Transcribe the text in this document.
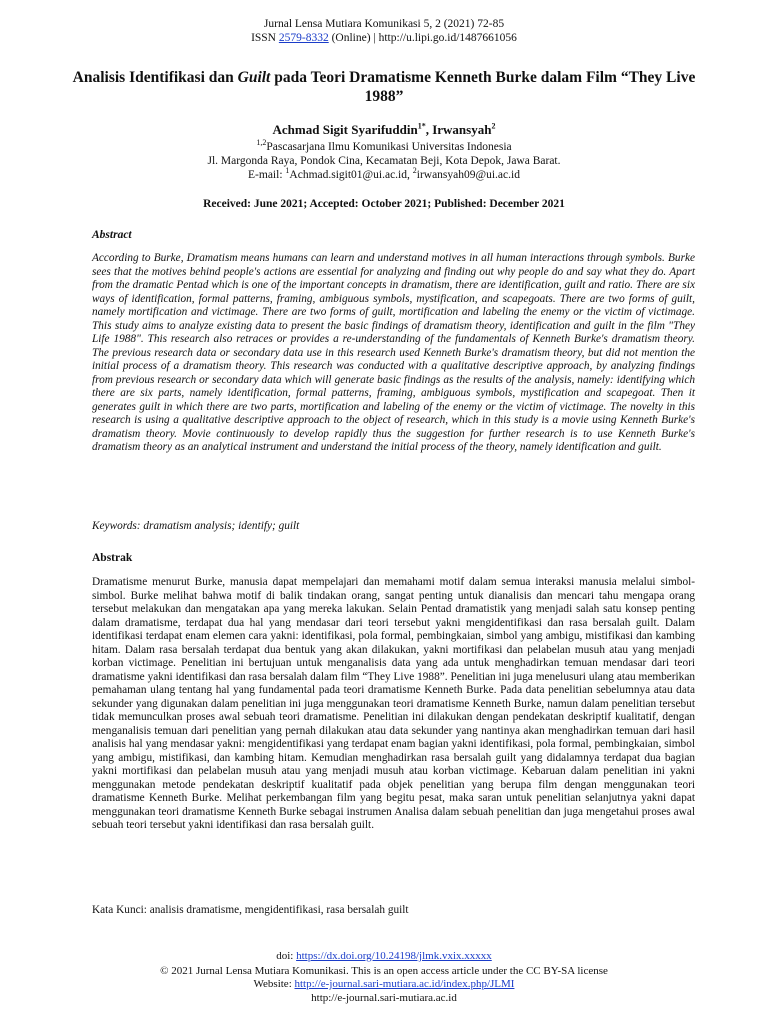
Jurnal Lensa Mutiara Komunikasi 5, 2 (2021) 72-85
ISSN 2579-8332 (Online) | http://u.lipi.go.id/1487661056
Analisis Identifikasi dan Guilt pada Teori Dramatisme Kenneth Burke dalam Film “They Live 1988”
Achmad Sigit Syarifuddin$^{1*}$, Irwansyah$^2$
$^{1,2}$Pascasarjana Ilmu Komunikasi Universitas Indonesia
Jl. Margonda Raya, Pondok Cina, Kecamatan Beji, Kota Depok, Jawa Barat.
E-mail: $^1$Achmad.sigit01@ui.ac.id, $^2$irwansyah09@ui.ac.id
Received: June 2021; Accepted: October 2021; Published: December 2021
Abstract
According to Burke, Dramatism means humans can learn and understand motives in all human interactions through symbols. Burke sees that the motives behind people's actions are essential for analyzing and finding out why people do and say what they do. Apart from the dramatic Pentad which is one of the important concepts in dramatism, there are identification, guilt and ratio. There are six ways of identification, formal patterns, framing, ambiguous symbols, mystification, and scapegoats. There are two forms of guilt, namely mortification and victimage. There are two forms of guilt, mortification and labeling the enemy or the victim of victimage. This study aims to analyze existing data to present the basic findings of dramatism theory, identification and guilt in the film "They Life 1988". This research also retraces or provides a re-understanding of the fundamentals of Kenneth Burke's dramatism theory. The previous research data or secondary data use in this research used Kenneth Burke's dramatism theory, but did not mention the initial process of a dramatism theory. This research was conducted with a qualitative descriptive approach, by analyzing findings from previous research or secondary data which will generate basic findings as the results of the analysis, namely: identifying which there are six parts, namely identification, formal patterns, framing, ambiguous symbols, mystification and scapegoat. Then it generates guilt in which there are two parts, mortification and labeling of the enemy or the victim of victimage. The novelty in this research is using a qualitative descriptive approach to the object of research, which in this study is a movie using Kenneth Burke's dramatism theory. Movie continuously to develop rapidly thus the suggestion for further research is to use Kenneth Burke's dramatism theory as an analytical instrument and understand the initial process of the theory, namely identification and guilt.
Keywords: dramatism analysis; identify; guilt
Abstrak
Dramatisme menurut Burke, manusia dapat mempelajari dan memahami motif dalam semua interaksi manusia melalui simbol-simbol. Burke melihat bahwa motif di balik tindakan orang, sangat penting untuk dianalisis dan mencari tahu mengapa orang tersebut melakukan dan mengatakan apa yang mereka lakukan. Selain Pentad dramatistik yang menjadi salah satu konsep penting dalam dramatisme, terdapat dua hal yang mendasar dari teori tersebut yakni mengidentifikasi dan rasa bersalah guilt. Dalam identifikasi terdapat enam elemen cara yakni: identifikasi, pola formal, pembingkaian, simbol yang ambigu, mistifikasi dan kambing hitam. Dalam rasa bersalah terdapat dua bentuk yang akan dilakukan, yakni mortifikasi dan pelabelan musuh atau yang menjadi korban victimage. Penelitian ini bertujuan untuk menganalisis data yang ada untuk menghadirkan temuan mendasar dari teori dramatisme yakni identifikasi dan rasa bersalah dalam film “They Live 1988”. Penelitian ini juga menelusuri ulang atau memberikan pemahaman ulang tentang hal yang fundamental pada teori dramatisme Kenneth Burke. Pada data penelitian sebelumnya atau data sekunder yang digunakan dalam penelitian ini juga menggunakan teori dramatisme Kenneth Burke, namun dalam penelitian tersebut tidak memunculkan proses awal sebuah teori dramatisme. Penelitian ini dilakukan dengan pendekatan deskriptif kualitatif, dengan menganalisis temuan dari penelitian yang pernah dilakukan atau data sekunder yang nantinya akan menghadirkan temuan dari hasil analisis hal yang mendasar yakni: mengidentifikasi yang terdapat enam bagian yakni identifikasi, pola formal, pembingkaian, simbol yang ambigu, mistifikasi, dan kambing hitam. Kemudian menghadirkan rasa bersalah guilt yang didalamnya terdapat dua bagian yakni mortifikasi dan pelabelan musuh atau yang menjadi musuh atau korban victimage. Kebaruan dalam penelitian ini yakni menggunakan metode pendekatan deskriptif kualitatif pada objek penelitian yang berupa film dengan menggunakan teori dramatisme Kenneth Burke. Melihat perkembangan film yang begitu pesat, maka saran untuk penelitian selanjutnya yakni dapat menggunakan teori dramatisme Kenneth Burke sebagai instrumen Analisa dalam sebuah penelitian dan juga mengetahui proses awal sebuah teori tersebut yakni identifikasi dan rasa bersalah guilt.
Kata Kunci: analisis dramatisme, mengidentifikasi, rasa bersalah guilt
doi: https://dx.doi.org/10.24198/jlmk.vxix.xxxxx
© 2021 Jurnal Lensa Mutiara Komunikasi. This is an open access article under the CC BY-SA license
Website: http://e-journal.sari-mutiara.ac.id/index.php/JLMI
http://e-journal.sari-mutiara.ac.id
